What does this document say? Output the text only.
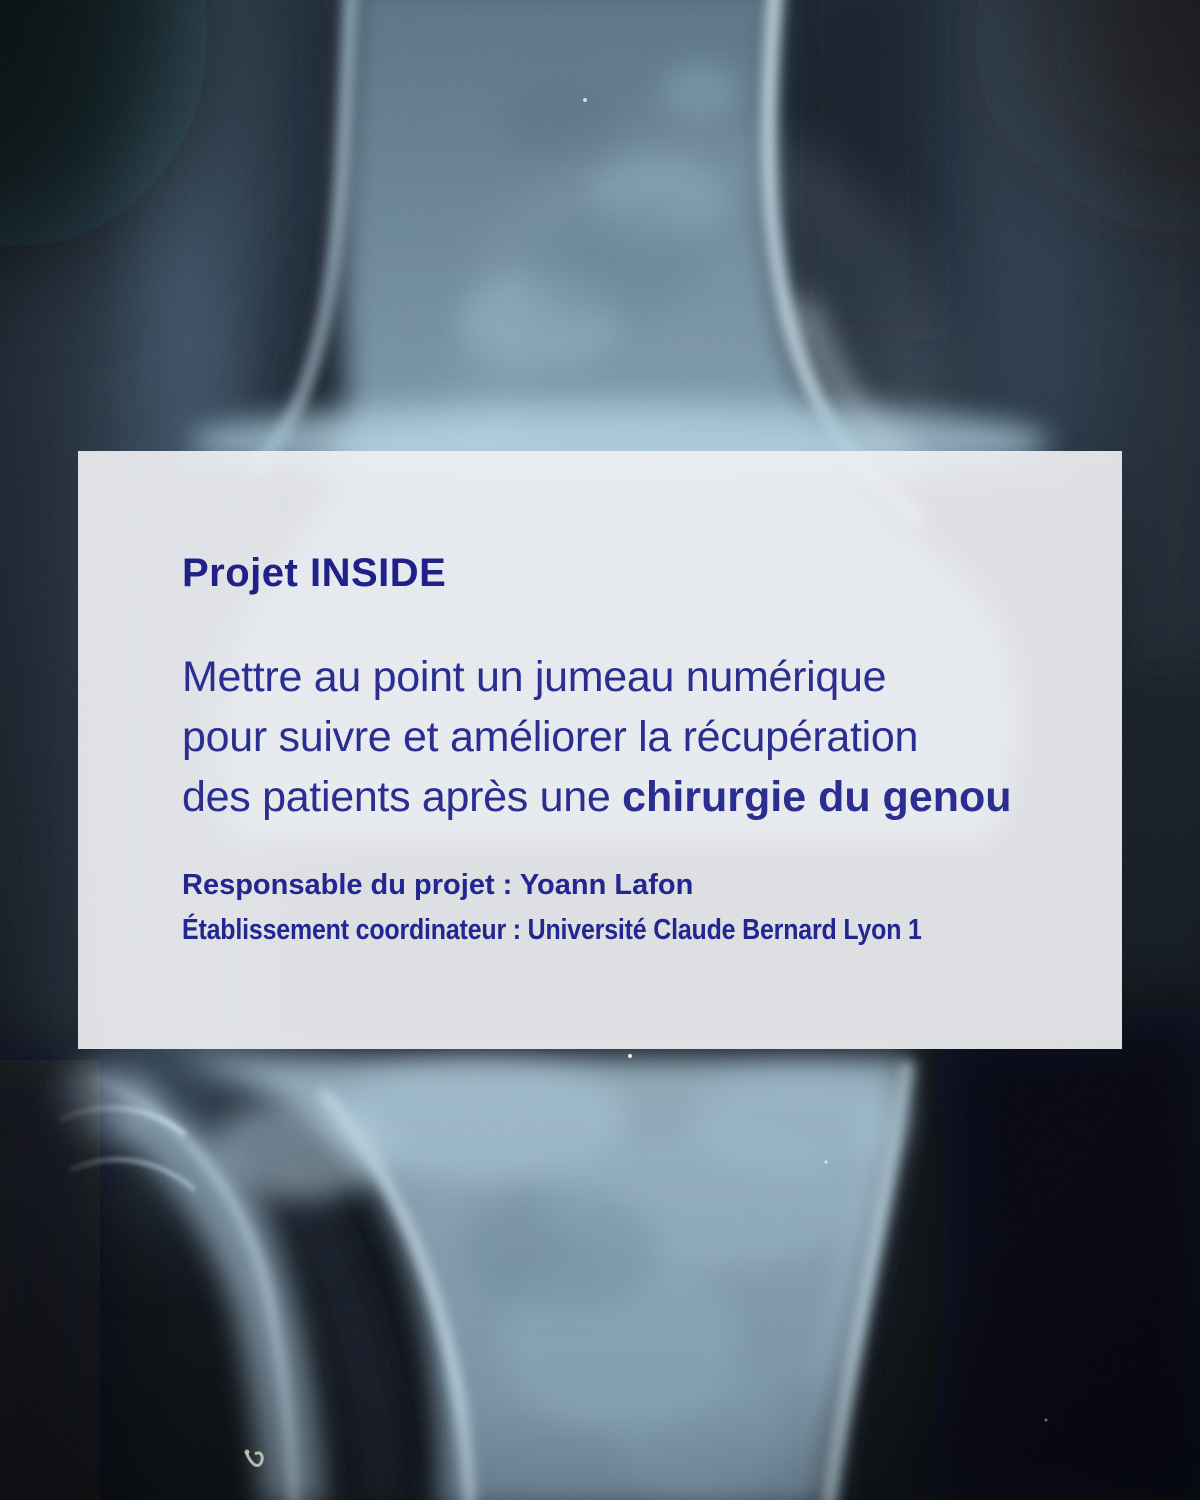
Projet INSIDE

Mettre au point un jumeau numérique
pour suivre et améliorer la récupération
des patients après une chirurgie du genou

Responsable du projet : Yoann Lafon
Établissement coordinateur : Université Claude Bernard Lyon 1
